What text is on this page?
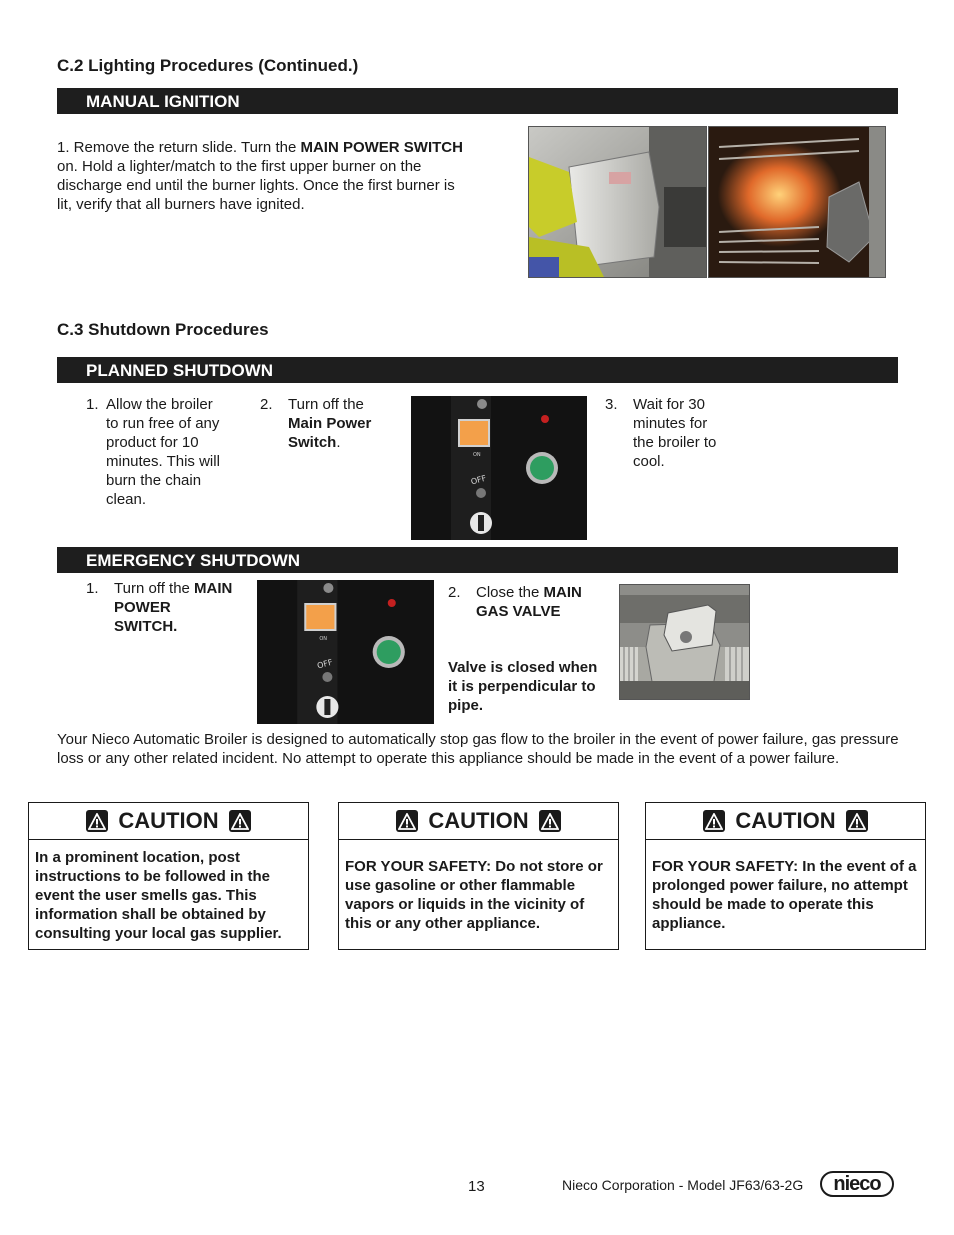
C.2 Lighting Procedures (Continued.)
MANUAL IGNITION
1. Remove the return slide. Turn the MAIN POWER SWITCH on. Hold a lighter/match to the first upper burner on the discharge end until the burner lights. Once the first burner is lit, verify that all burners have ignited.
C.3 Shutdown Procedures
PLANNED SHUTDOWN
1. Allow the broiler to run free of any product for 10 minutes. This will burn the chain clean.
2. Turn off the Main Power Switch.
ON
OFF
3. Wait for 30 minutes for the broiler to cool.
EMERGENCY SHUTDOWN
1. Turn off the MAIN POWER SWITCH.
ON
OFF
2. Close the MAIN GAS VALVE
Valve is closed when it is perpendicular to pipe.
Your Nieco Automatic Broiler is designed to automatically stop gas flow to the broiler in the event of power failure, gas pressure loss or any other related incident. No attempt to operate this appliance should be made in the event of a power failure.
CAUTION
In a prominent location, post instructions to be followed in the event the user smells gas. This information shall be obtained by consulting your local gas supplier.
CAUTION
FOR YOUR SAFETY: Do not store or use gasoline or other flammable vapors or liquids in the vicinity of this or any other appliance.
CAUTION
FOR YOUR SAFETY: In the event of a prolonged power failure, no attempt should be made to operate this appliance.
13	Nieco Corporation - Model JF63/63-2G nieco
